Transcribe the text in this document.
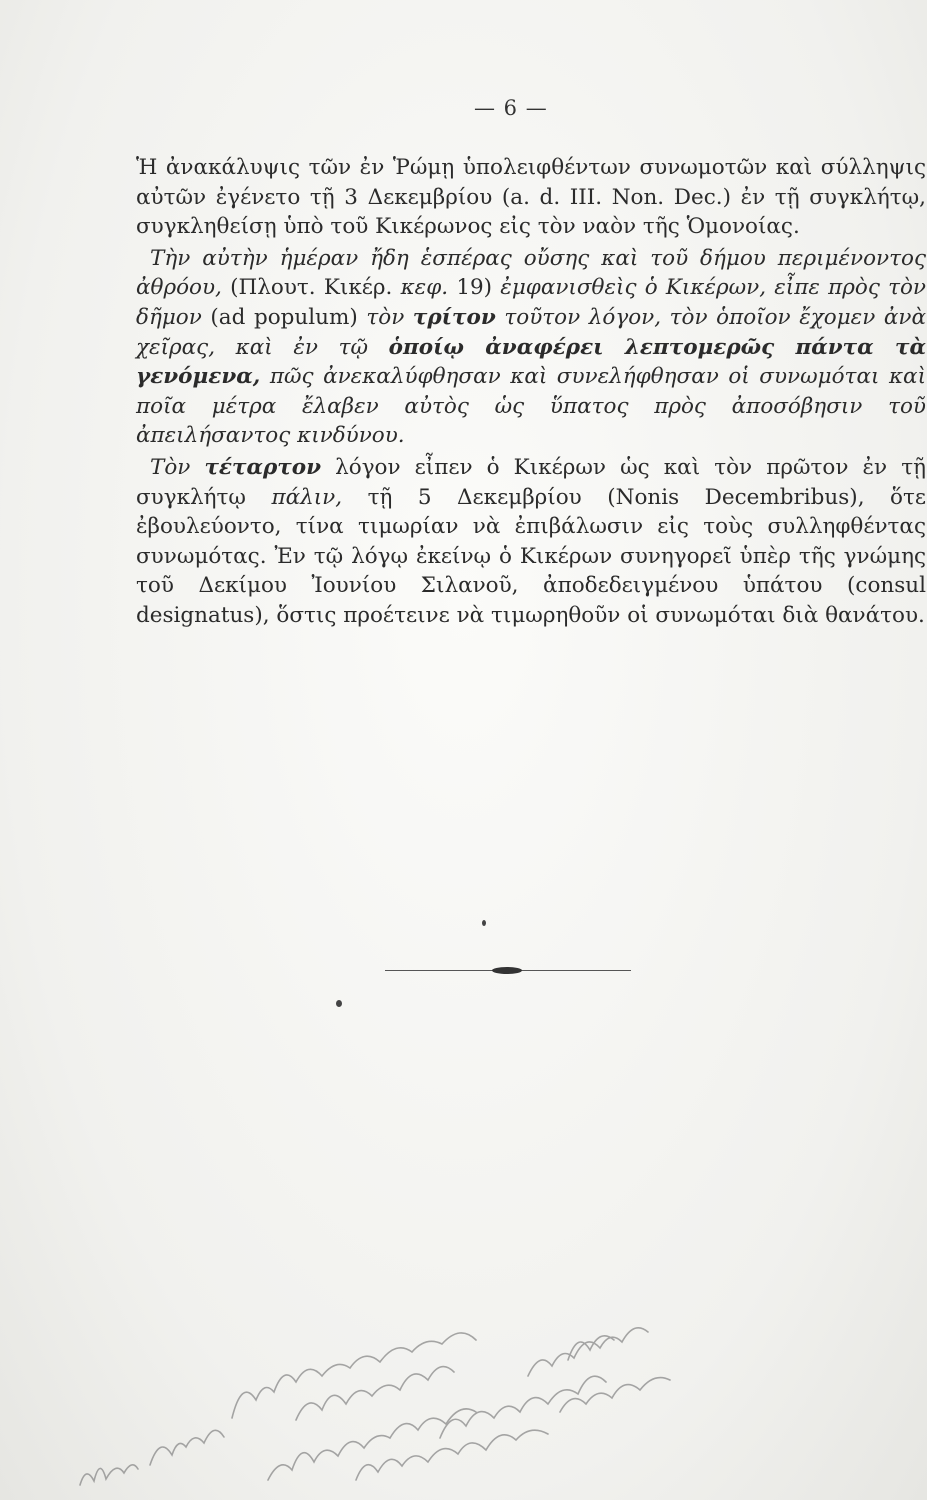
— 6 —

Ἡ ἀνακάλυψις τῶν ἐν Ῥώμῃ ὑπολειφθέντων συνωμοτῶν καὶ σύλληψις αὐτῶν ἐγένετο τῇ 3 Δεκεμβρίου (a. d. III. Non. Dec.) ἐν τῇ συγκλήτῳ, συγκληθείσῃ ὑπὸ τοῦ Κικέρωνος εἰς τὸν ναὸν τῆς Ὁμονοίας.

Τὴν αὐτὴν ἡμέραν ἤδη ἑσπέρας οὔσης καὶ τοῦ δήμου περιμένοντος ἀθρόου, (Πλουτ. Κικέρ. κεφ. 19) ἐμφανισθεὶς ὁ Κικέρων, εἶπε πρὸς τὸν δῆμον (ad populum) τὸν τρίτον τοῦτον λόγον, τὸν ὁποῖον ἔχομεν ἀνὰ χεῖρας, καὶ ἐν τῷ ὁποίῳ ἀναφέρει λεπτομερῶς πάντα τὰ γενόμενα, πῶς ἀνεκαλύφθησαν καὶ συνελήφθησαν οἱ συνωμόται καὶ ποῖα μέτρα ἔλαβεν αὐτὸς ὡς ὕπατος πρὸς ἀποσόβησιν τοῦ ἀπειλήσαντος κινδύνου.

Τὸν τέταρτον λόγον εἶπεν ὁ Κικέρων ὡς καὶ τὸν πρῶτον ἐν τῇ συγκλήτῳ πάλιν, τῇ 5 Δεκεμβρίου (Nonis Decembribus), ὅτε ἐβουλεύοντο, τίνα τιμωρίαν νὰ ἐπιβάλωσιν εἰς τοὺς συλληφθέντας συνωμότας. Ἐν τῷ λόγῳ ἐκείνῳ ὁ Κικέρων συνηγορεῖ ὑπὲρ τῆς γνώμης τοῦ Δεκίμου Ἰουνίου Σιλανοῦ, ἀποδεδειγμένου ὑπάτου (consul designatus), ὅστις προέτεινε νὰ τιμωρηθοῦν οἱ συνωμόται διὰ θανάτου.
